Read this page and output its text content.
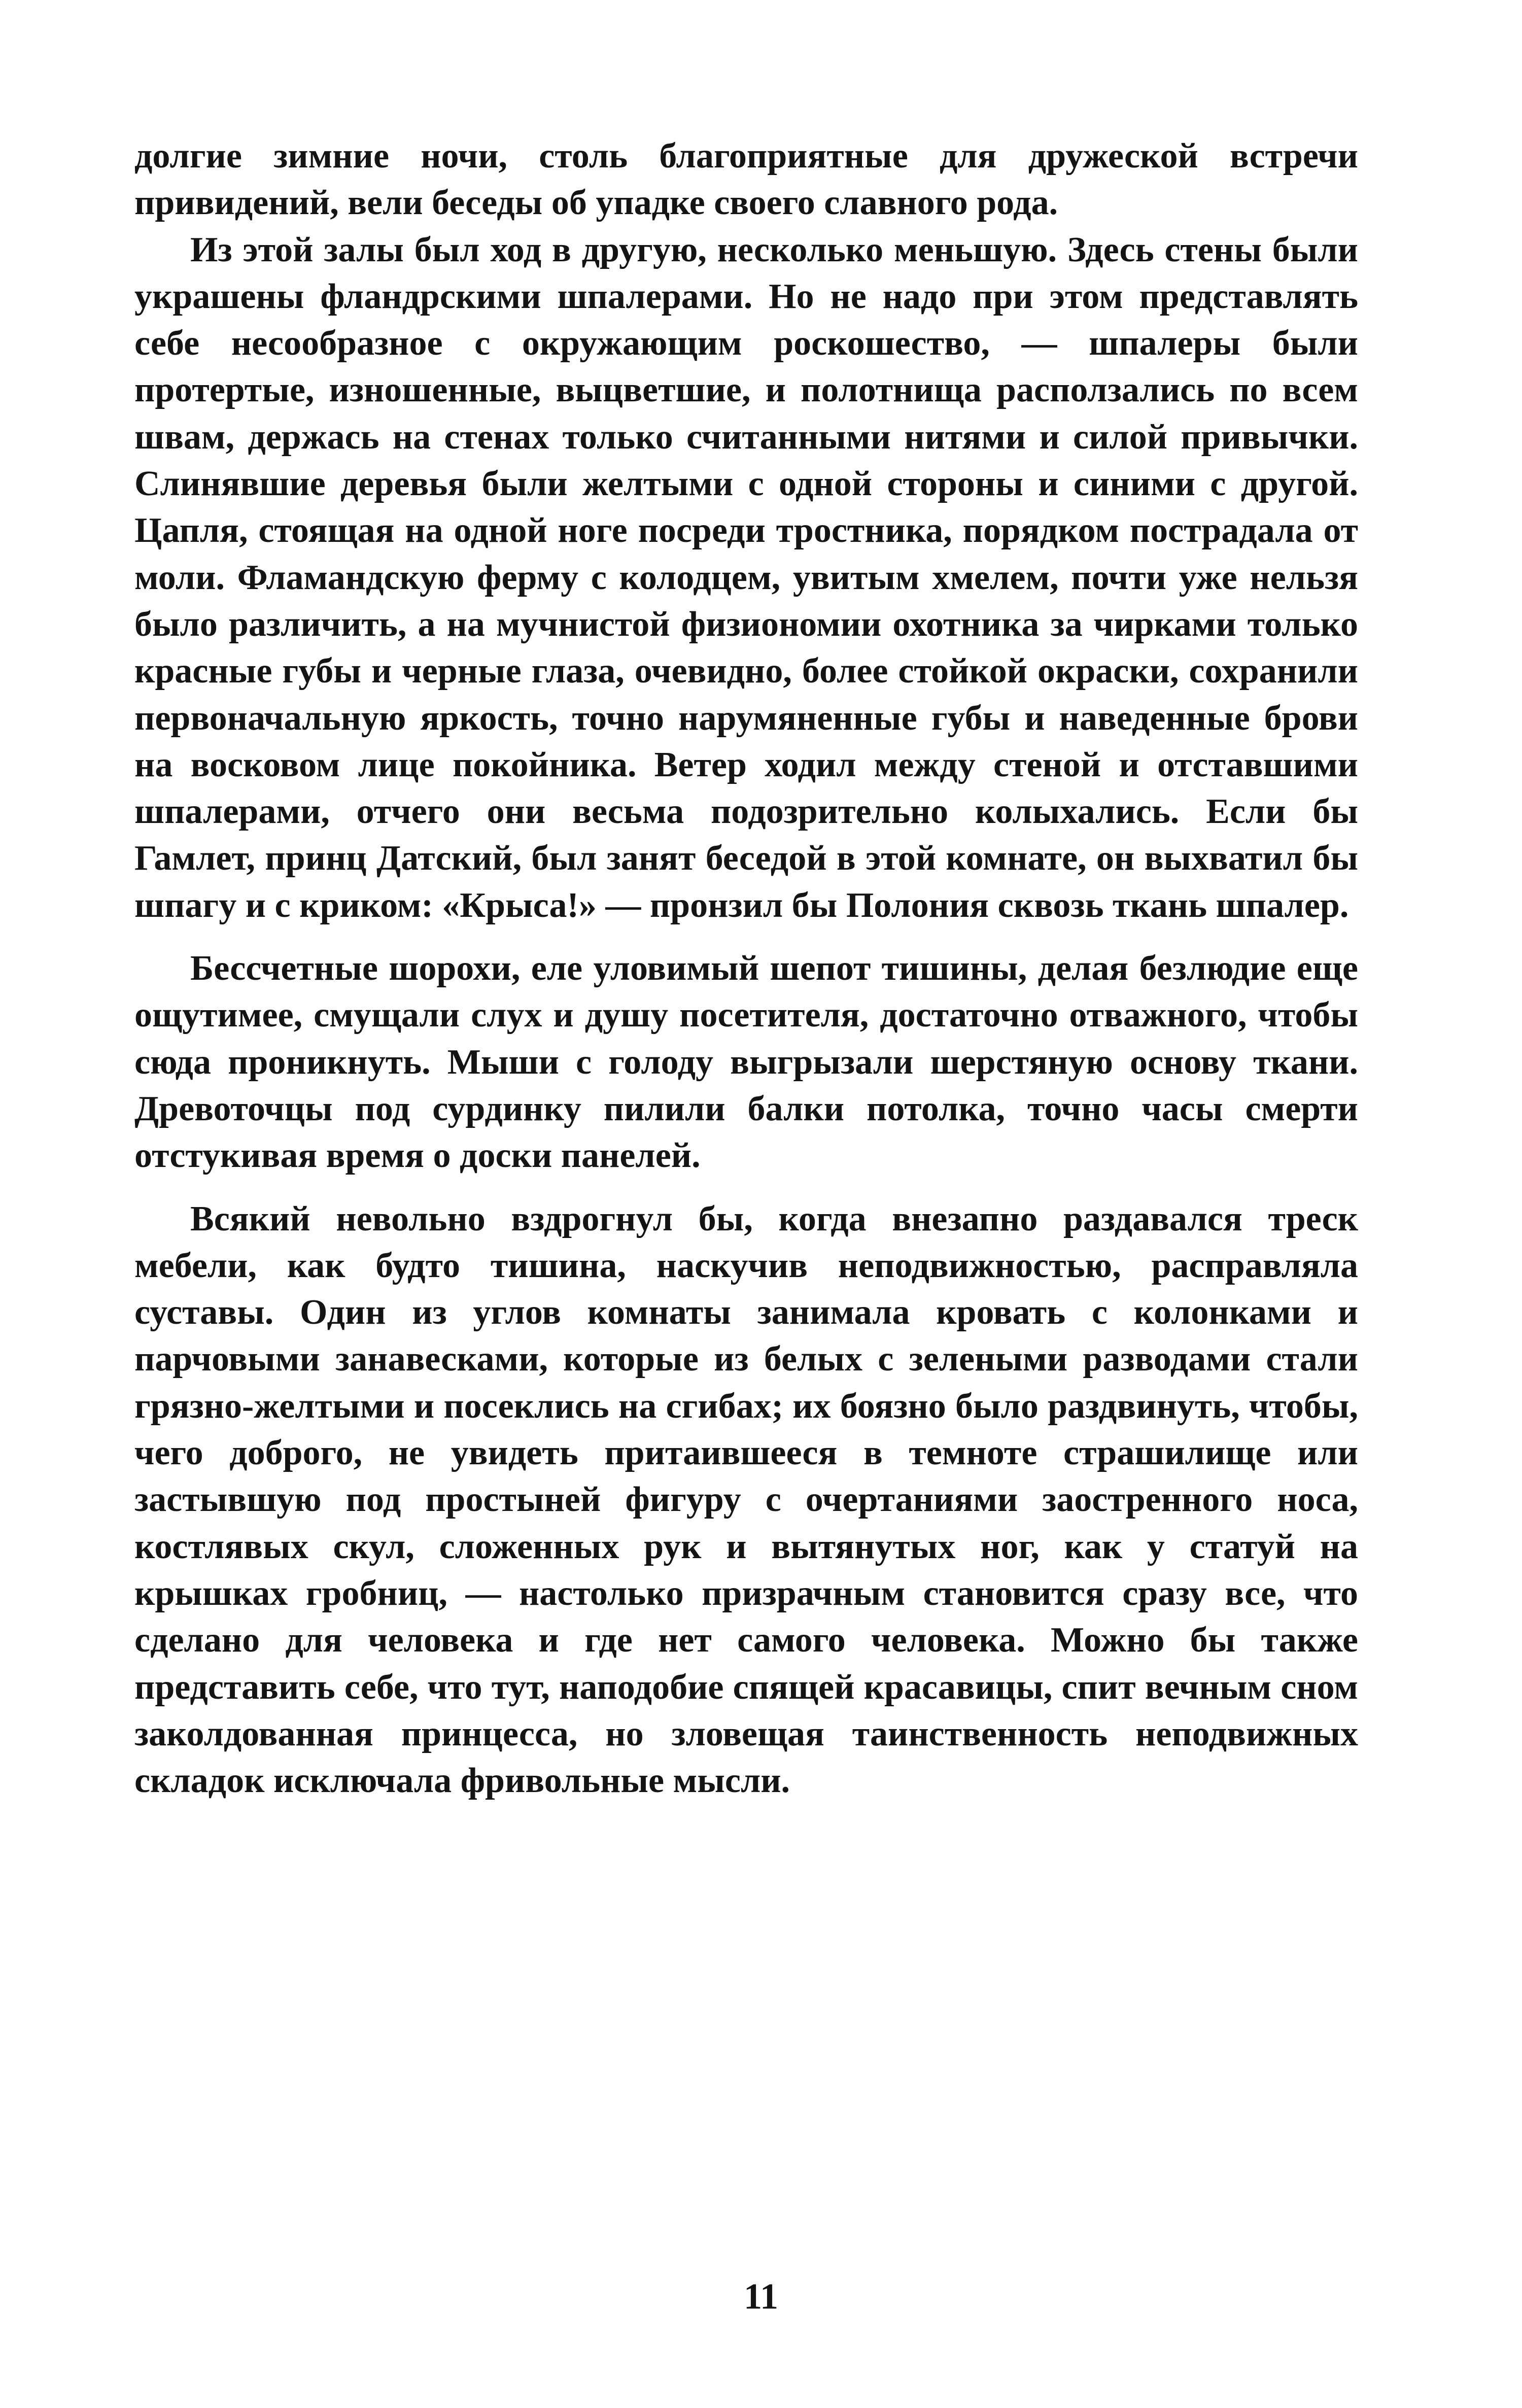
долгие зимние ночи, столь благоприятные для дружеской встречи привидений, вели беседы об упадке своего славного рода.

Из этой залы был ход в другую, несколько меньшую. Здесь стены были украшены фландрскими шпалерами. Но не надо при этом представлять себе несообразное с окружающим роскошество, — шпалеры были протертые, изношенные, выцветшие, и полотнища расползались по всем швам, держась на стенах только считанными нитями и силой привычки. Слинявшие деревья были желтыми с одной стороны и синими с другой. Цапля, стоящая на одной ноге посреди тростника, порядком пострадала от моли. Фламандскую ферму с колодцем, увитым хмелем, почти уже нельзя было различить, а на мучнистой физиономии охотника за чирками только красные губы и черные глаза, очевидно, более стойкой окраски, сохранили первоначальную яркость, точно нарумяненные губы и наведенные брови на восковом лице покойника. Ветер ходил между стеной и отставшими шпалерами, отчего они весьма подозрительно колыхались. Если бы Гамлет, принц Датский, был занят беседой в этой комнате, он выхватил бы шпагу и с криком: «Крыса!» — пронзил бы Полония сквозь ткань шпалер.

Бессчетные шорохи, еле уловимый шепот тишины, делая безлюдие еще ощутимее, смущали слух и душу посетителя, достаточно отважного, чтобы сюда проникнуть. Мыши с голоду выгрызали шерстяную основу ткани. Древоточцы под сурдинку пилили балки потолка, точно часы смерти отстукивая время о доски панелей.

Всякий невольно вздрогнул бы, когда внезапно раздавался треск мебели, как будто тишина, наскучив неподвижностью, расправляла суставы. Один из углов комнаты занимала кровать с колонками и парчовыми занавесками, которые из белых с зелеными разводами стали грязно-желтыми и посеклись на сгибах; их боязно было раздвинуть, чтобы, чего доброго, не увидеть притаившееся в темноте страшилище или застывшую под простыней фигуру с очертаниями заостренного носа, костлявых скул, сложенных рук и вытянутых ног, как у статуй на крышках гробниц, — настолько призрачным становится сразу все, что сделано для человека и где нет самого человека. Можно бы также представить себе, что тут, наподобие спящей красавицы, спит вечным сном заколдованная принцесса, но зловещая таинственность неподвижных складок исключала фривольные мысли.

11
